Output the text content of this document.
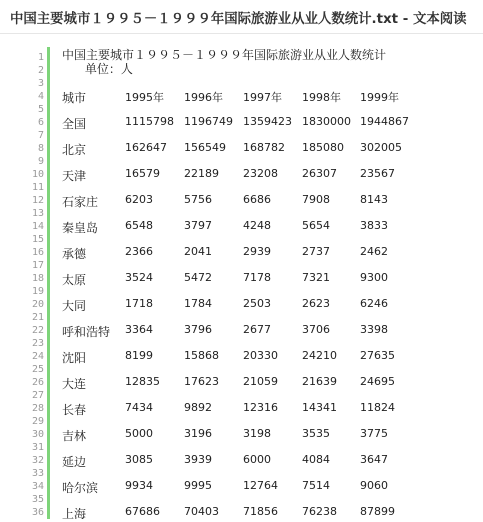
中国主要城市１９９５－１９９９年国际旅游业从业人数统计.txt - 文本阅读
1
2
3
4
5
6
7
8
9
10
11
12
13
14
15
16
17
18
19
20
21
22
23
24
25
26
27
28
29
30
31
32
33
34
35
36
中国主要城市１９９５－１９９９年国际旅游业从业人数统计
单位：人
城市	1995年 1996年 1997年 1998年 1999年
全国	1115798 1196749 1359423 1830000 1944867
北京	162647 156549 168782 185080 302005
天津	16579 22189 23208 26307 23567
石家庄 6203	5756	6686	7908	8143
秦皇岛 6548	3797	4248	5654	3833
承德	2366	2041	2939	2737	2462
太原	3524	5472	7178	7321	9300
大同	1718	1784	2503	2623	6246
呼和浩特 3364	3796	2677	3706	3398
沈阳	8199	15868 20330 24210 27635
大连	12835 17623 21059 21639 24695
长春	7434	9892	12316 14341 11824
吉林	5000	3196	3198	3535	3775
延边	3085	3939	6000	4084	3647
哈尔滨 9934	9995	12764 7514	9060
上海	67686 70403 71856 76238 87899
